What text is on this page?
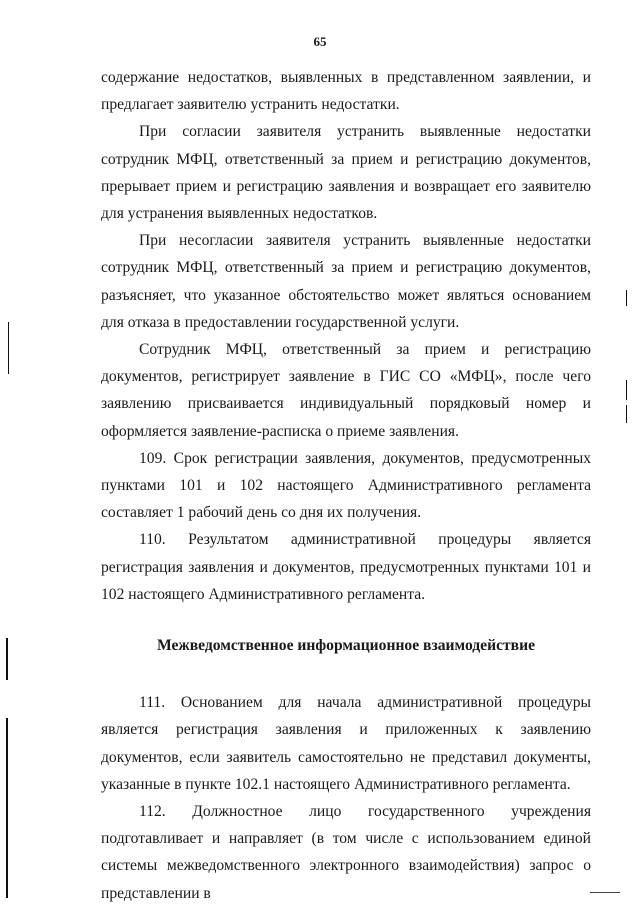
65

содержание недостатков, выявленных в представленном заявлении, и предлагает заявителю устранить недостатки.

При согласии заявителя устранить выявленные недостатки сотрудник МФЦ, ответственный за прием и регистрацию документов, прерывает прием и регистрацию заявления и возвращает его заявителю для устранения выявленных недостатков.

При несогласии заявителя устранить выявленные недостатки сотрудник МФЦ, ответственный за прием и регистрацию документов, разъясняет, что указанное обстоятельство может являться основанием для отказа в предоставлении государственной услуги.

Сотрудник МФЦ, ответственный за прием и регистрацию документов, регистрирует заявление в ГИС СО «МФЦ», после чего заявлению присваивается индивидуальный порядковый номер и оформляется заявление-расписка о приеме заявления.

109. Срок регистрации заявления, документов, предусмотренных пунктами 101 и 102 настоящего Административного регламента составляет 1 рабочий день со дня их получения.

110. Результатом административной процедуры является регистрация заявления и документов, предусмотренных пунктами 101 и 102 настоящего Административного регламента.

Межведомственное информационное взаимодействие

111. Основанием для начала административной процедуры является регистрация заявления и приложенных к заявлению документов, если заявитель самостоятельно не представил документы, указанные в пункте 102.1 настоящего Административного регламента.

112. Должностное лицо государственного учреждения подготавливает и направляет (в том числе с использованием единой системы межведомственного электронного взаимодействия) запрос о представлении в
